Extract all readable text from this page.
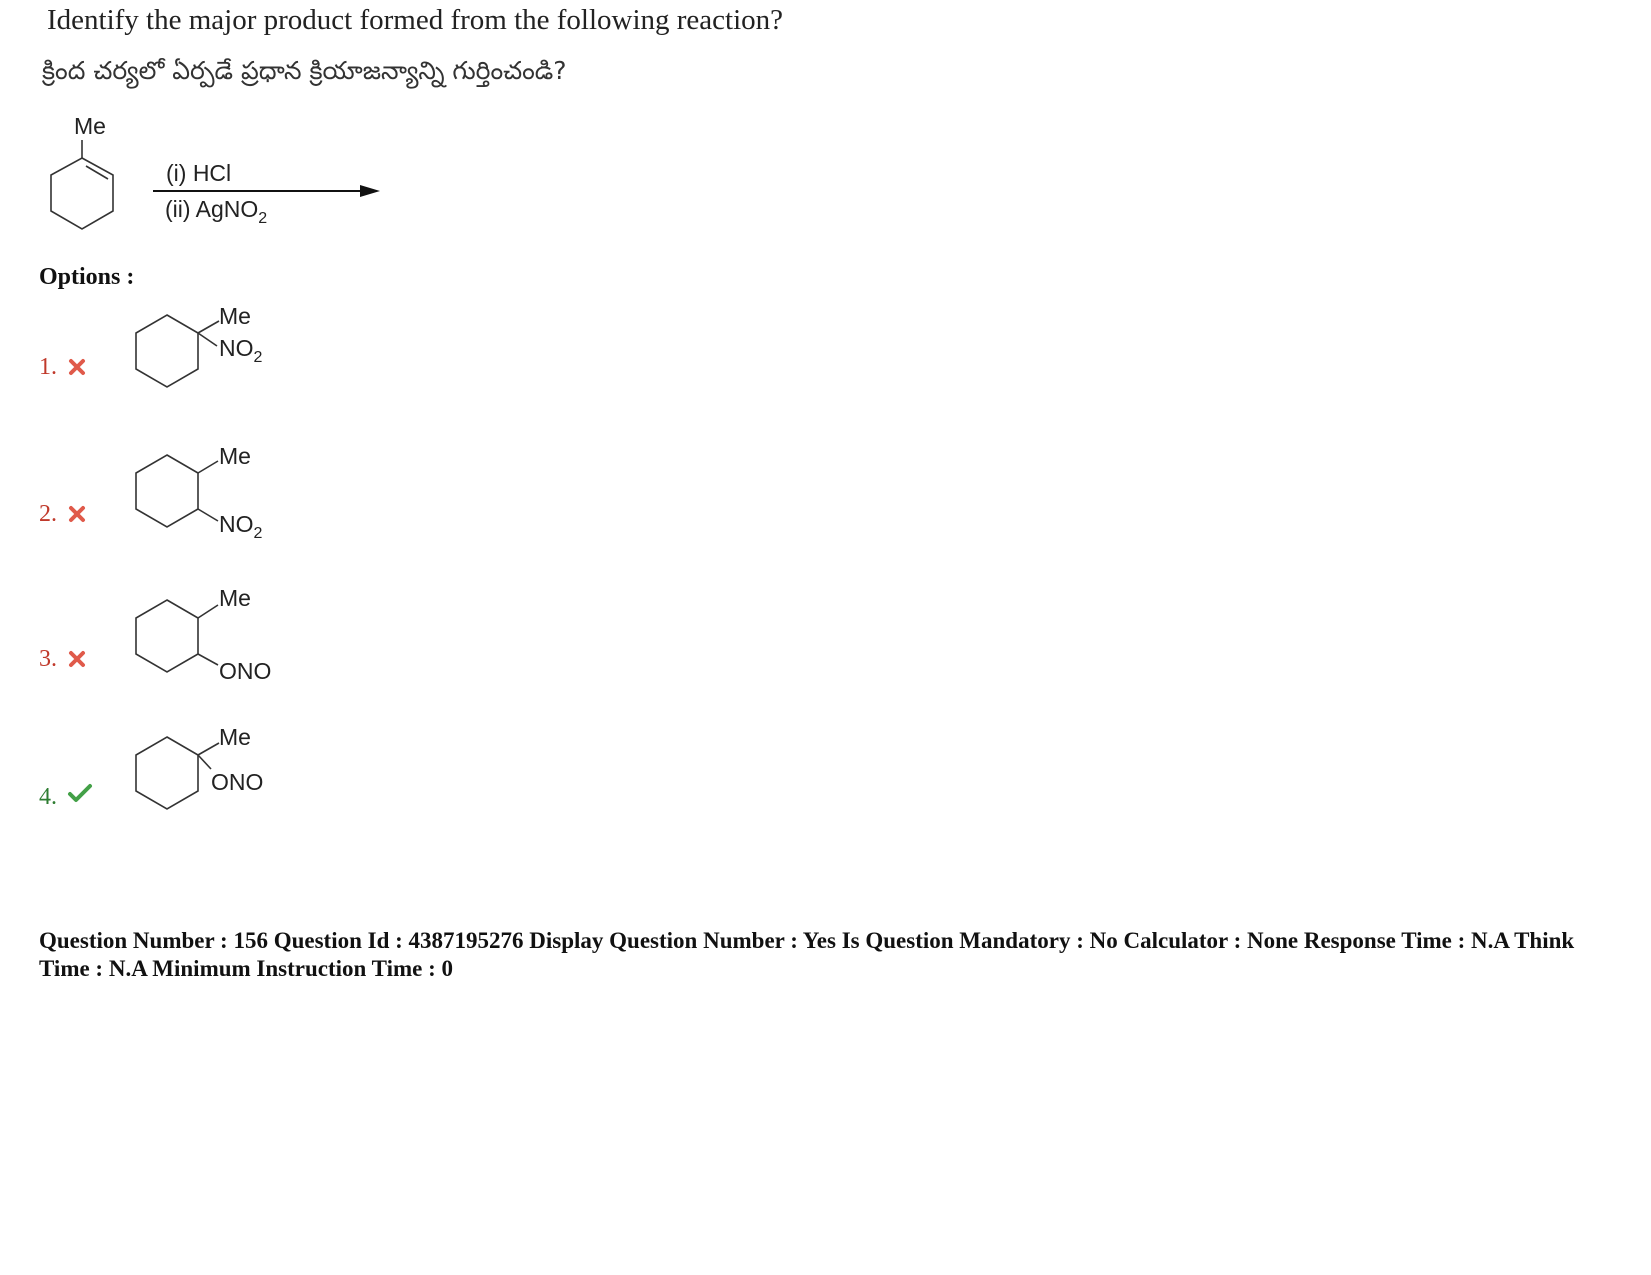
Identify the major product formed from the following reaction?
క్రింద చర్యలో ఏర్పడే ప్రధాన క్రియాజన్యాన్ని గుర్తించండి?
Me
(i) HCl
(ii) AgNO$_2$
Options :
1.
Me
$NO_2$
2.
Me
$NO_2$
3.
Me
ONO
4.
Me
ONO
Question Number : 156 Question Id : 4387195276 Display Question Number : Yes Is Question Mandatory : No Calculator : None Response Time : N.A Think Time : N.A Minimum Instruction Time : 0
